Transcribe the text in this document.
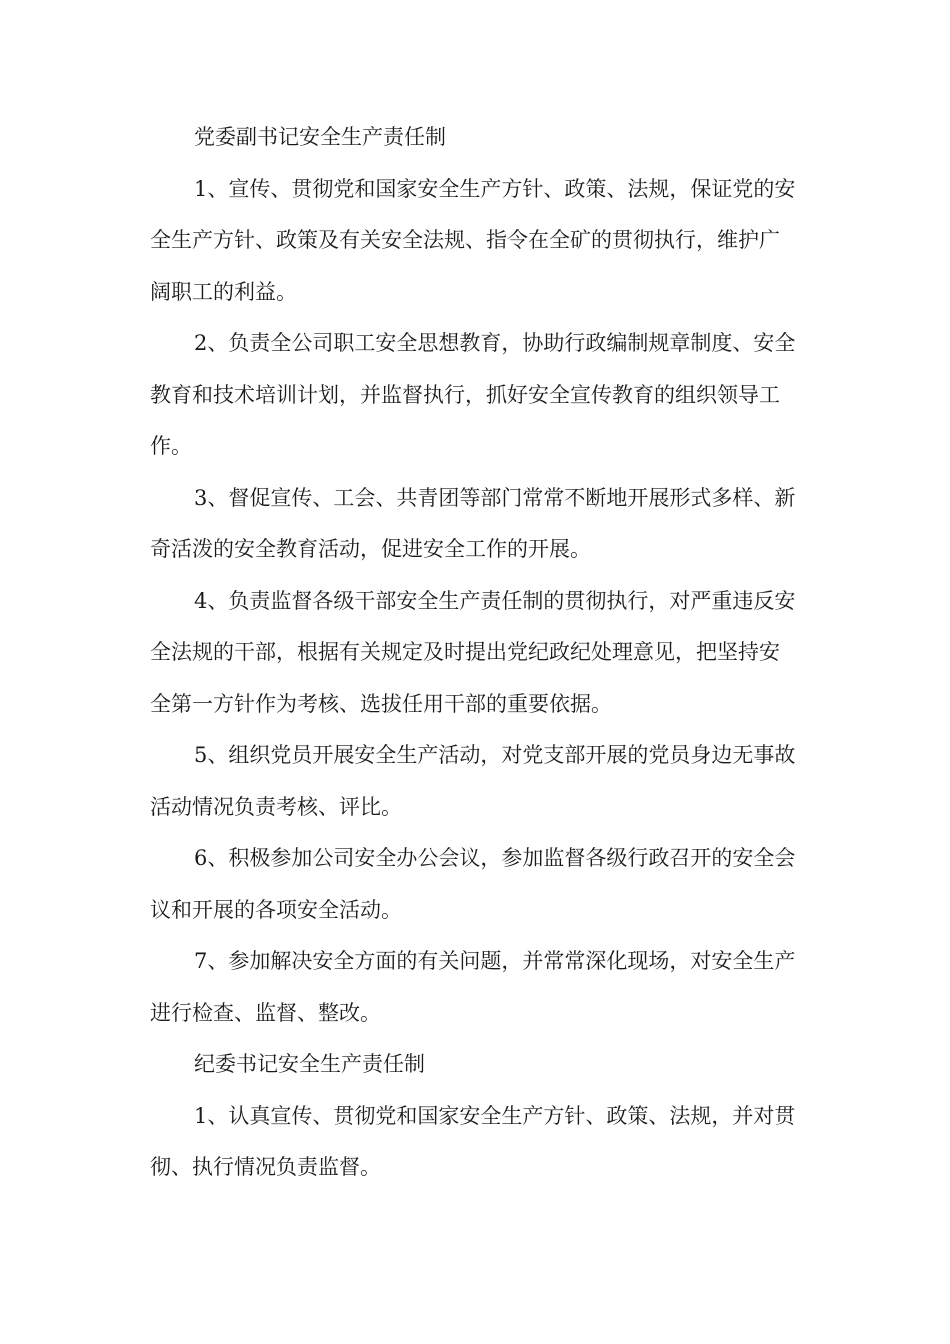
党委副书记安全生产责任制

1、宣传、贯彻党和国家安全生产方针、政策、法规，保证党的安全生产方针、政策及有关安全法规、指令在全矿的贯彻执行，维护广阔职工的利益。

2、负责全公司职工安全思想教育，协助行政编制规章制度、安全教育和技术培训计划，并监督执行，抓好安全宣传教育的组织领导工作。

3、督促宣传、工会、共青团等部门常常不断地开展形式多样、新奇活泼的安全教育活动，促进安全工作的开展。

4、负责监督各级干部安全生产责任制的贯彻执行，对严重违反安全法规的干部，根据有关规定及时提出党纪政纪处理意见，把坚持安全第一方针作为考核、选拔任用干部的重要依据。

5、组织党员开展安全生产活动，对党支部开展的党员身边无事故活动情况负责考核、评比。

6、积极参加公司安全办公会议，参加监督各级行政召开的安全会议和开展的各项安全活动。

7、参加解决安全方面的有关问题，并常常深化现场，对安全生产进行检查、监督、整改。

纪委书记安全生产责任制

1、认真宣传、贯彻党和国家安全生产方针、政策、法规，并对贯彻、执行情况负责监督。
